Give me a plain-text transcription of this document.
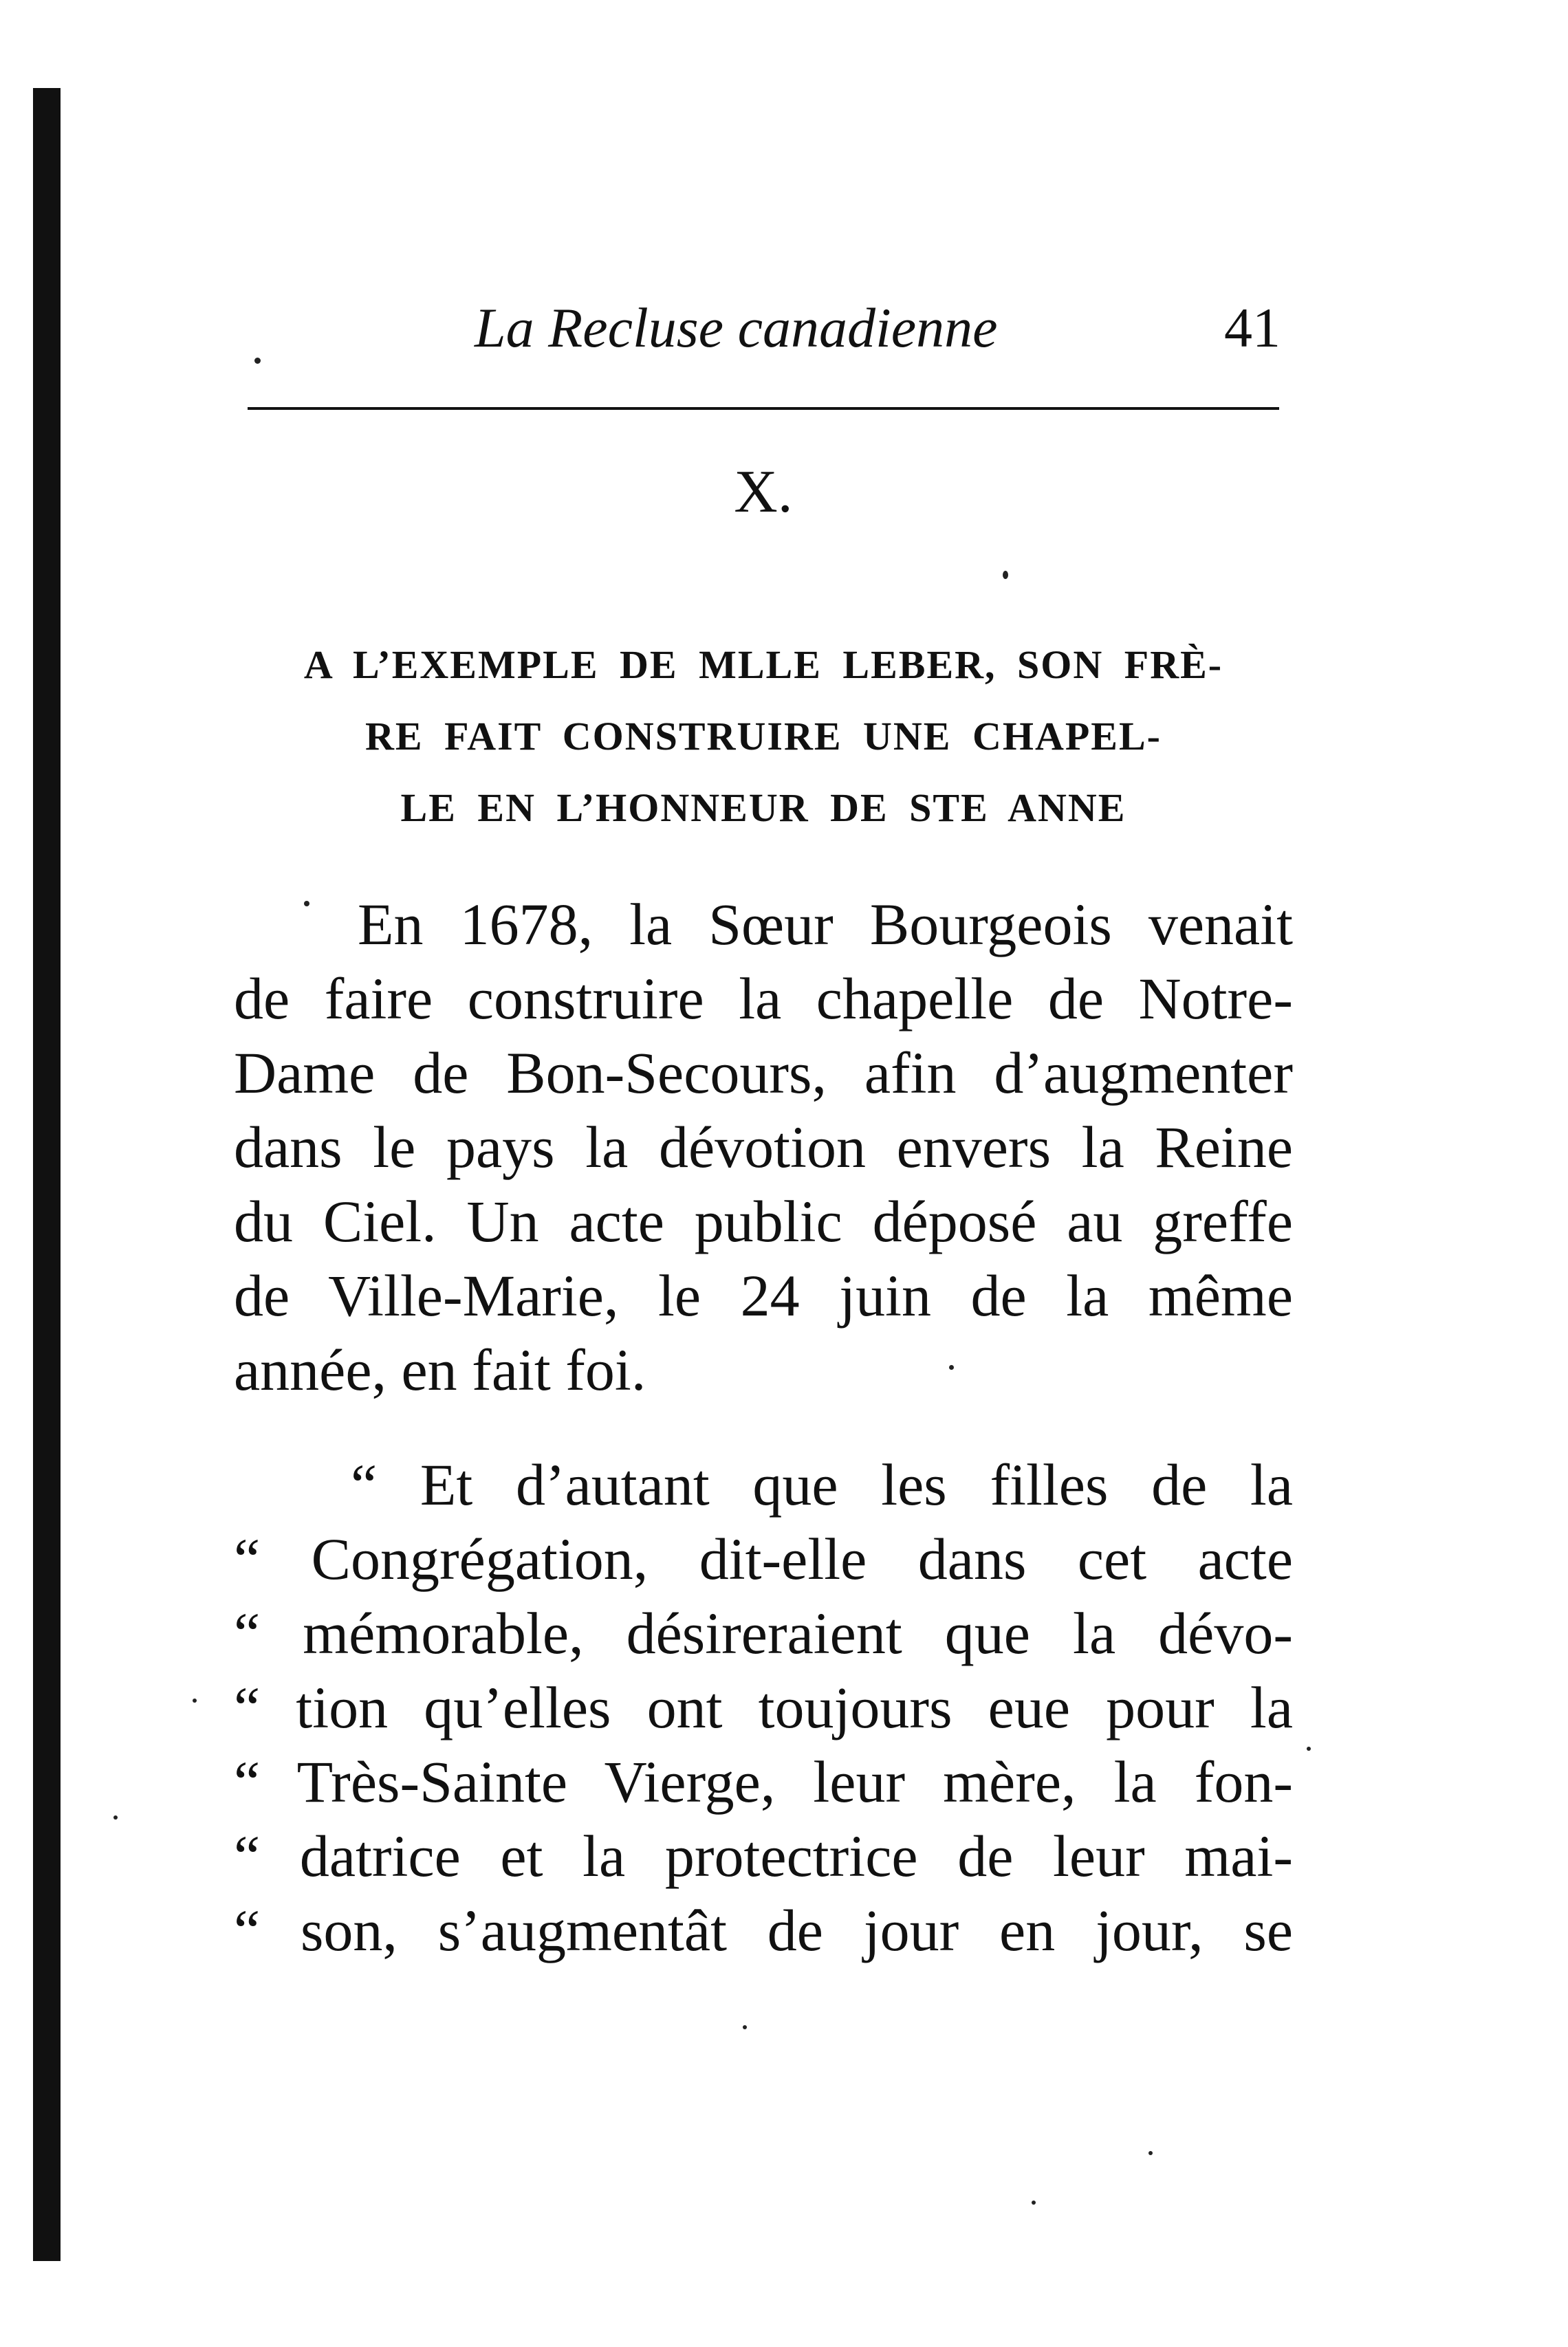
La Recluse canadienne	41
X.
A L’EXEMPLE DE MLLE LEBER, SON FRÈ-
RE FAIT CONSTRUIRE UNE CHAPEL-
LE EN L’HONNEUR DE STE ANNE
En 1678, la Sœur Bourgeois venait
de faire construire la chapelle de Notre-
Dame de Bon-Secours, afin d’augmenter
dans le pays la dévotion envers la Reine
du Ciel. Un acte public déposé au greffe
de Ville-Marie, le 24 juin de la même
année, en fait foi.
“ Et d’autant que les filles de la
“ Congrégation, dit-elle dans cet acte
“ mémorable, désireraient que la dévo-
“ tion qu’elles ont toujours eue pour la
“ Très-Sainte Vierge, leur mère, la fon-
“ datrice et la protectrice de leur mai-
“ son, s’augmentât de jour en jour, se
